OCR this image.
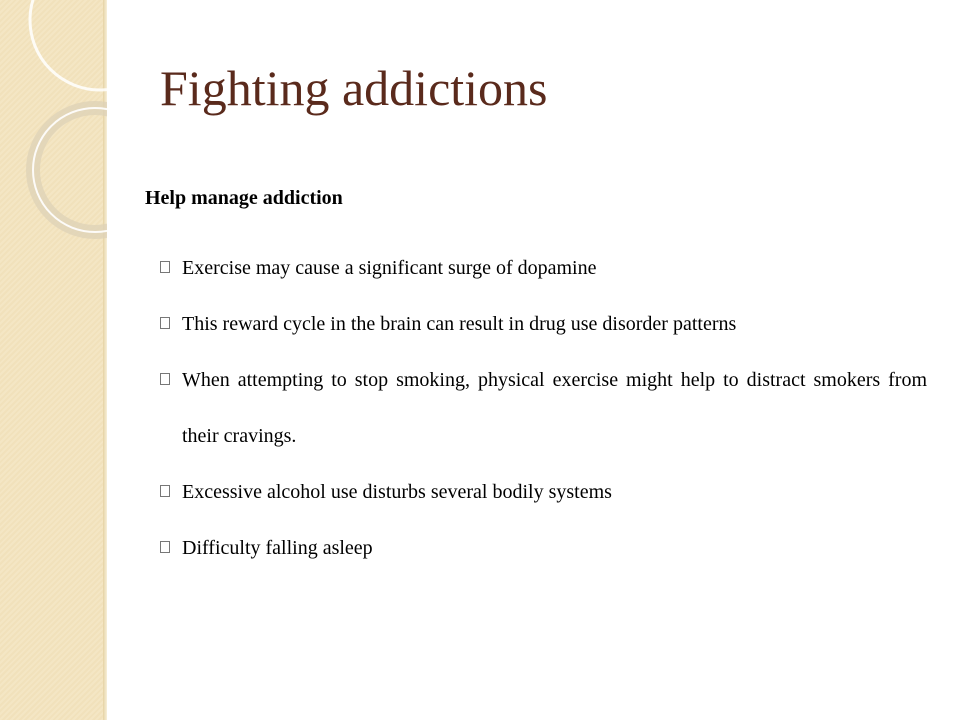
Fighting addictions
Help manage addiction
Exercise may cause a significant surge of dopamine
This reward cycle in the brain can result in drug use disorder patterns
When attempting to stop smoking, physical exercise might help to distract smokers from their cravings.
Excessive alcohol use disturbs several bodily systems
Difficulty falling asleep
